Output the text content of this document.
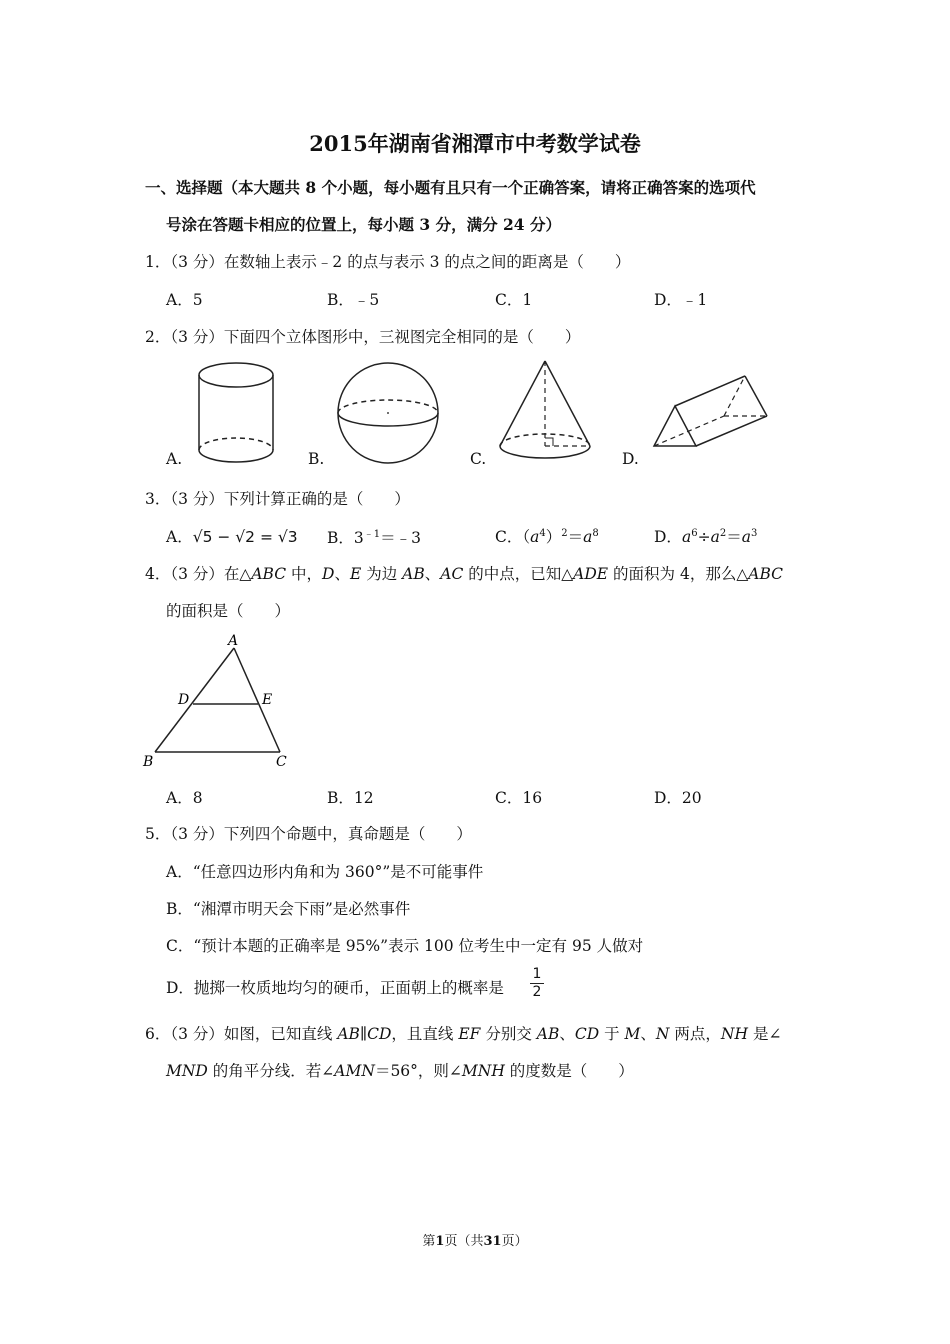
2015年湖南省湘潭市中考数学试卷
一、选择题（本大题共 8 个小题，每小题有且只有一个正确答案，请将正确答案的选项代
号涂在答题卡相应的位置上，每小题 3 分，满分 24 分）
1．（3 分）在数轴上表示﹣2 的点与表示 3 的点之间的距离是（　　）
A．5	B．﹣5	C．1	D．﹣1
2．（3 分）下面四个立体图形中，三视图完全相同的是（　　）
A.	B.	C.	D.
3．（3 分）下列计算正确的是（　　）
A．√5 − √2 = √3 B．$3^{﹣1}=﹣3$	C．$(a^4)^2=a^8$	D．$a^6\div a^2=a^3$
4．（3 分）在△ABC 中，D、E 为边 AB、AC 的中点，已知△ADE 的面积为 4，那么△ABC
的面积是（　　）
A
D	E
B	C
A．8	B．12	C．16	D．20
5．（3 分）下列四个命题中，真命题是（　　）
A．“任意四边形内角和为 360°”是不可能事件
B．“湘潭市明天会下雨”是必然事件
C．“预计本题的正确率是 95%”表示 100 位考生中一定有 95 人做对
D．抛掷一枚质地均匀的硬币，正面朝上的概率是 $\frac{1}{2}$
6．（3 分）如图，已知直线 AB∥CD，且直线 EF 分别交 AB、CD 于 M、N 两点，NH 是∠
MND 的角平分线．若∠AMN＝56°，则∠MNH 的度数是（　　）
第1页（共31页）
